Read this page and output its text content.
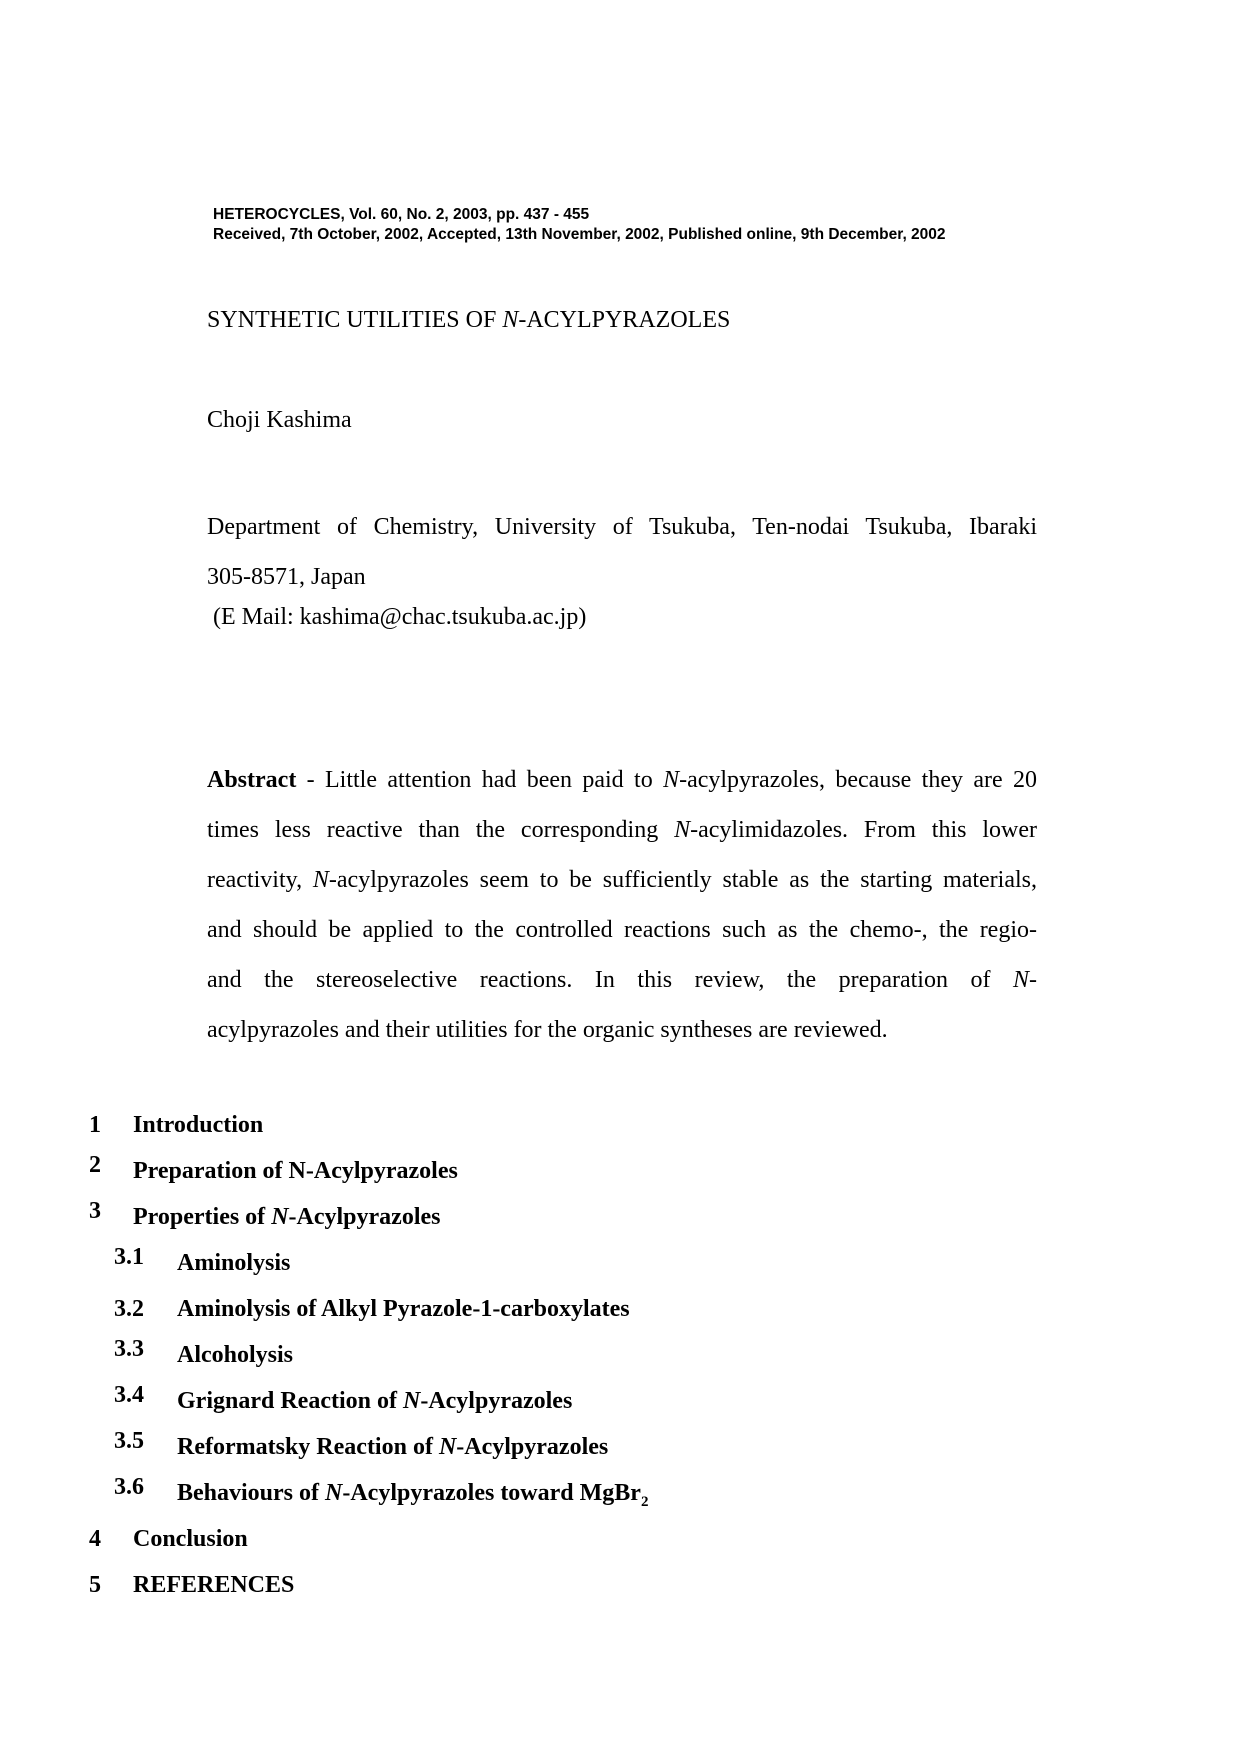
HETEROCYCLES, Vol. 60, No. 2, 2003, pp. 437 - 455
Received, 7th October, 2002, Accepted, 13th November, 2002, Published online, 9th December, 2002
SYNTHETIC UTILITIES OF N-ACYLPYRAZOLES
Choji Kashima
Department of Chemistry, University of Tsukuba, Ten-nodai Tsukuba, Ibaraki
305-8571, Japan
(E Mail: kashima@chac.tsukuba.ac.jp)
Abstract - Little attention had been paid to N-acylpyrazoles, because they are 20
times less reactive than the corresponding N-acylimidazoles. From this lower
reactivity, N-acylpyrazoles seem to be sufficiently stable as the starting materials,
and should be applied to the controlled reactions such as the chemo-, the regio-
and the stereoselective reactions. In this review, the preparation of N-
acylpyrazoles and their utilities for the organic syntheses are reviewed.
1 Introduction
2 Preparation of N-Acylpyrazoles
3 Properties of N-Acylpyrazoles
3.1 Aminolysis
3.2 Aminolysis of Alkyl Pyrazole-1-carboxylates
3.3 Alcoholysis
3.4 Grignard Reaction of N-Acylpyrazoles
3.5 Reformatsky Reaction of N-Acylpyrazoles
3.6 Behaviours of N-Acylpyrazoles toward MgBr$_2$
4 Conclusion
5 REFERENCES
